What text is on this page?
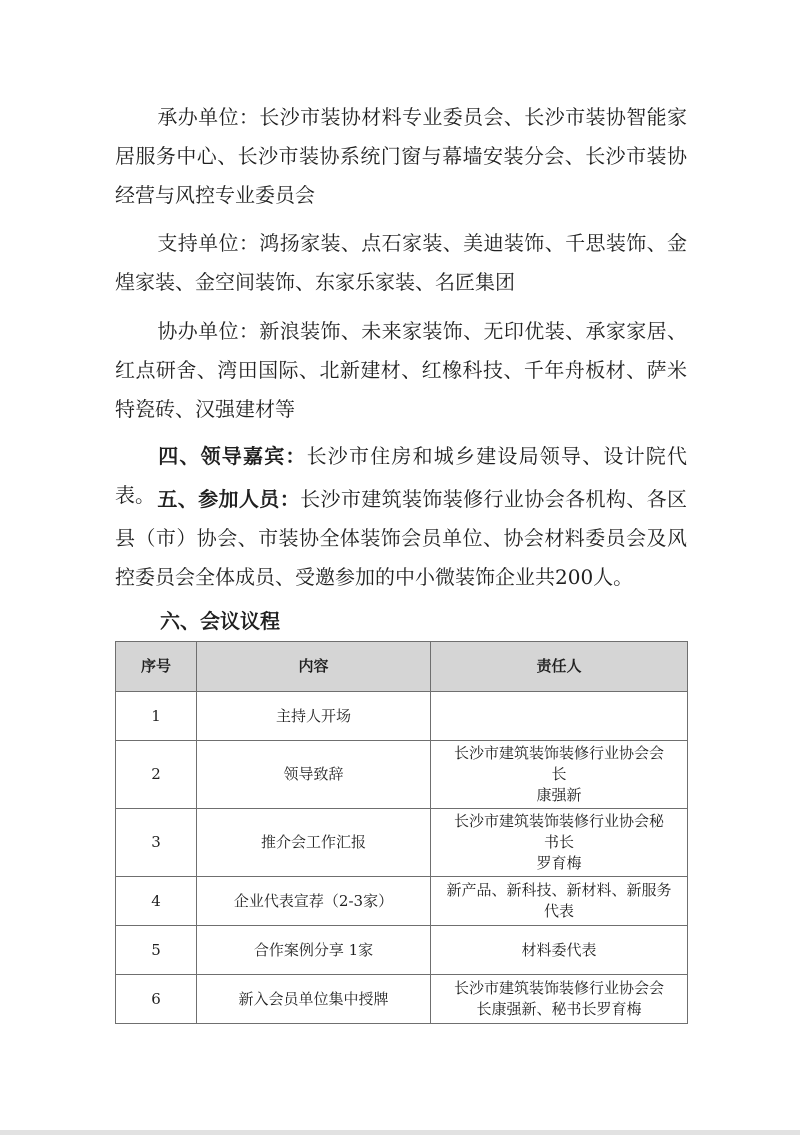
承办单位：长沙市装协材料专业委员会、长沙市装协智能家居服务中心、长沙市装协系统门窗与幕墙安装分会、长沙市装协经营与风控专业委员会

支持单位：鸿扬家装、点石家装、美迪装饰、千思装饰、金煌家装、金空间装饰、东家乐家装、名匠集团

协办单位：新浪装饰、未来家装饰、无印优装、承家家居、红点研舍、湾田国际、北新建材、红橡科技、千年舟板材、萨米特瓷砖、汉强建材等

四、领导嘉宾：长沙市住房和城乡建设局领导、设计院代表。 五、参加人员：长沙市建筑装饰装修行业协会各机构、各区县（市）协会、市装协全体装饰会员单位、协会材料委员会及风控委员会全体成员、受邀参加的中小微装饰企业共200人。

六、会议议程

序号	内容	责任人
1	主持人开场	
2	领导致辞	长沙市建筑装饰装修行业协会会
长
康强新
3	推介会工作汇报	长沙市建筑装饰装修行业协会秘
书长
罗育梅
4	企业代表宣荐（2-3家）	新产品、新科技、新材料、新服务
代表
5	合作案例分享 1家	材料委代表
6	新入会员单位集中授牌	长沙市建筑装饰装修行业协会会
长康强新、秘书长罗育梅
